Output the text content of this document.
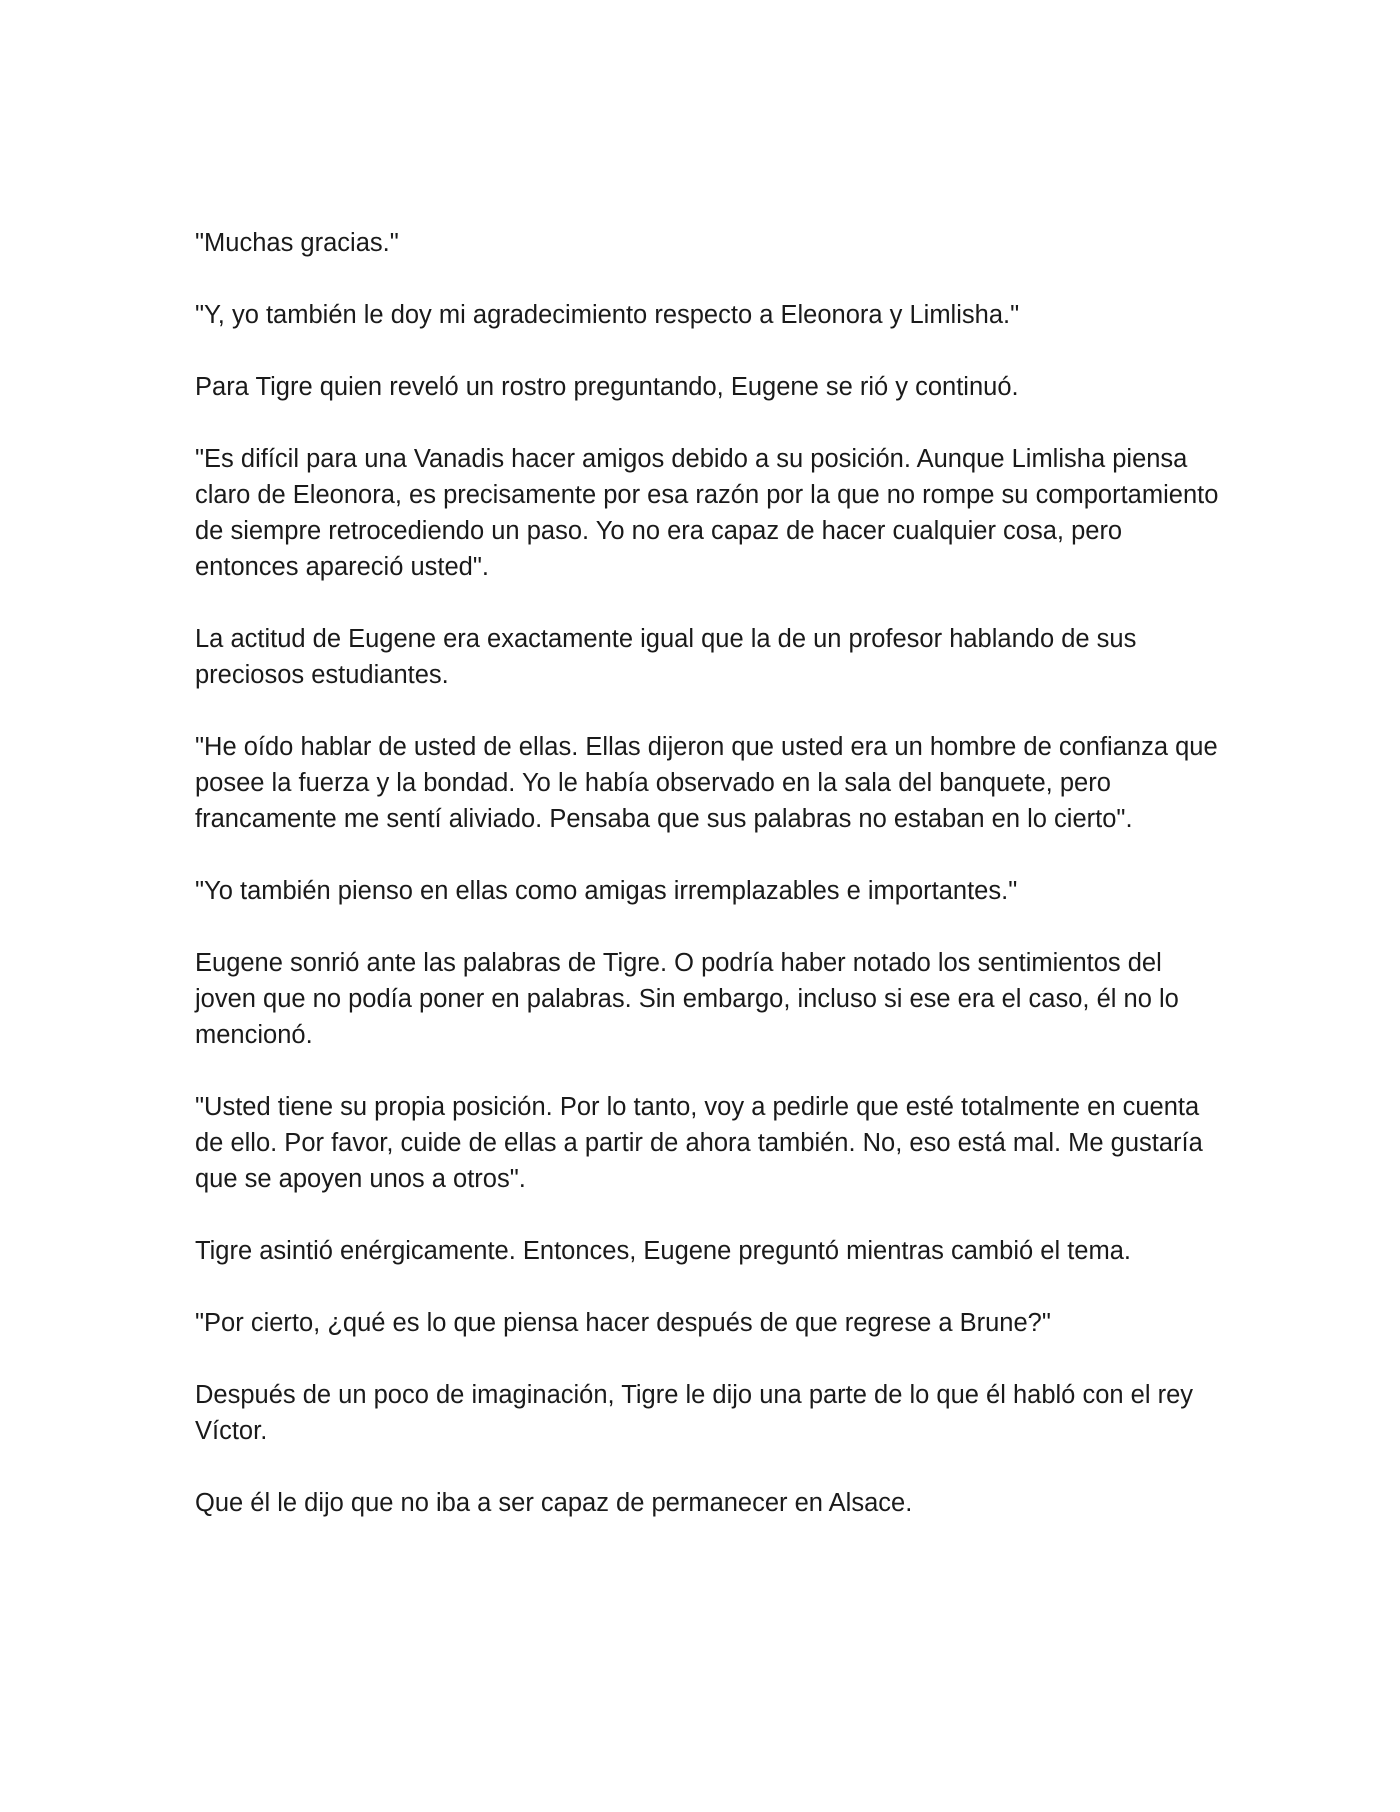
"Muchas gracias."

"Y, yo también le doy mi agradecimiento respecto a Eleonora y Limlisha."

Para Tigre quien reveló un rostro preguntando, Eugene se rió y continuó.

"Es difícil para una Vanadis hacer amigos debido a su posición. Aunque Limlisha piensa claro de Eleonora, es precisamente por esa razón por la que no rompe su comportamiento de siempre retrocediendo un paso. Yo no era capaz de hacer cualquier cosa, pero entonces apareció usted".

La actitud de Eugene era exactamente igual que la de un profesor hablando de sus preciosos estudiantes.

"He oído hablar de usted de ellas. Ellas dijeron que usted era un hombre de confianza que posee la fuerza y la bondad. Yo le había observado en la sala del banquete, pero francamente me sentí aliviado. Pensaba que sus palabras no estaban en lo cierto".

"Yo también pienso en ellas como amigas irremplazables e importantes."

Eugene sonrió ante las palabras de Tigre. O podría haber notado los sentimientos del joven que no podía poner en palabras. Sin embargo, incluso si ese era el caso, él no lo mencionó.

"Usted tiene su propia posición. Por lo tanto, voy a pedirle que esté totalmente en cuenta de ello. Por favor, cuide de ellas a partir de ahora también. No, eso está mal. Me gustaría que se apoyen unos a otros".

Tigre asintió enérgicamente. Entonces, Eugene preguntó mientras cambió el tema.

"Por cierto, ¿qué es lo que piensa hacer después de que regrese a Brune?"

Después de un poco de imaginación, Tigre le dijo una parte de lo que él habló con el rey Víctor.

Que él le dijo que no iba a ser capaz de permanecer en Alsace.
